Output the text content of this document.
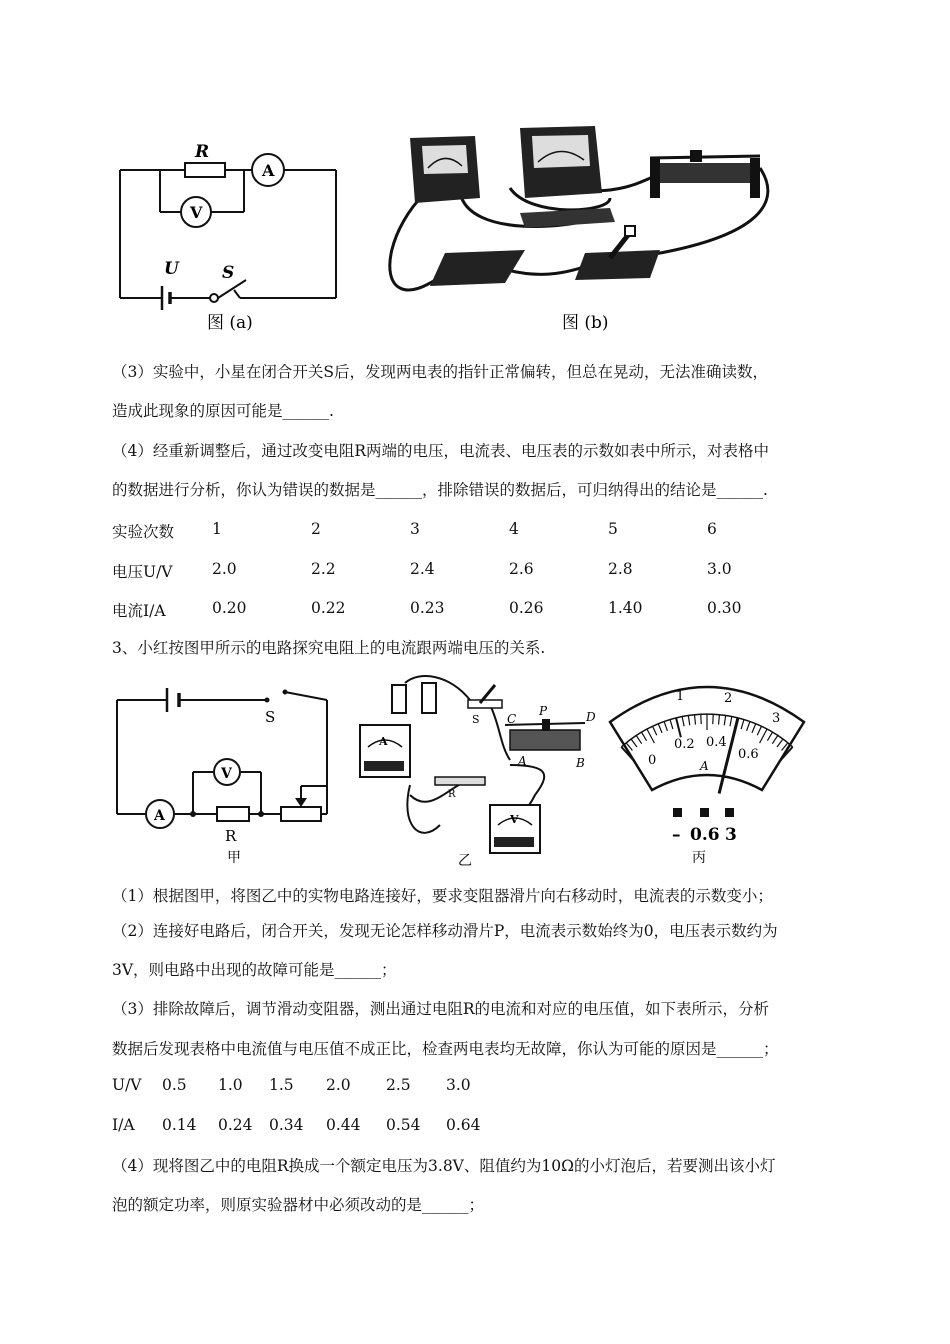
R
A
V
U	S
图 (a)	图 (b)
（3）实验中，小星在闭合开关S后，发现两电表的指针正常偏转，但总在晃动，无法准确读数，
造成此现象的原因可能是______.
（4）经重新调整后，通过改变电阻R两端的电压，电流表、电压表的示数如表中所示，对表格中
的数据进行分析，你认为错误的数据是______，排除错误的数据后，可归纳得出的结论是______.
实验次数 1	2	3	4	5	6
电压U/V	2.0	2.2	2.4	2.6	2.8	3.0
电流I/A	0.20	0.22	0.23	0.26	1.40	0.30
3、小红按图甲所示的电路探究电阻上的电流跟两端电压的关系.
S
V
A
R
甲
S C
P	D
A	B
R
A
V
乙
1	2
3
0
0.2 0.4
0.6
A
– 0.6 3
丙
（1）根据图甲，将图乙中的实物电路连接好，要求变阻器滑片向右移动时，电流表的示数变小；
（2）连接好电路后，闭合开关，发现无论怎样移动滑片P，电流表示数始终为0，电压表示数约为
3V，则电路中出现的故障可能是______；
（3）排除故障后，调节滑动变阻器，测出通过电阻R的电流和对应的电压值，如下表所示，分析
数据后发现表格中电流值与电压值不成正比，检查两电表均无故障，你认为可能的原因是______；
U/V 0.5 1.0 1.5 2.0 2.5 3.0
I/A 0.14 0.24 0.34 0.44 0.54 0.64
（4）现将图乙中的电阻R换成一个额定电压为3.8V、阻值约为10Ω的小灯泡后，若要测出该小灯
泡的额定功率，则原实验器材中必须改动的是______；
